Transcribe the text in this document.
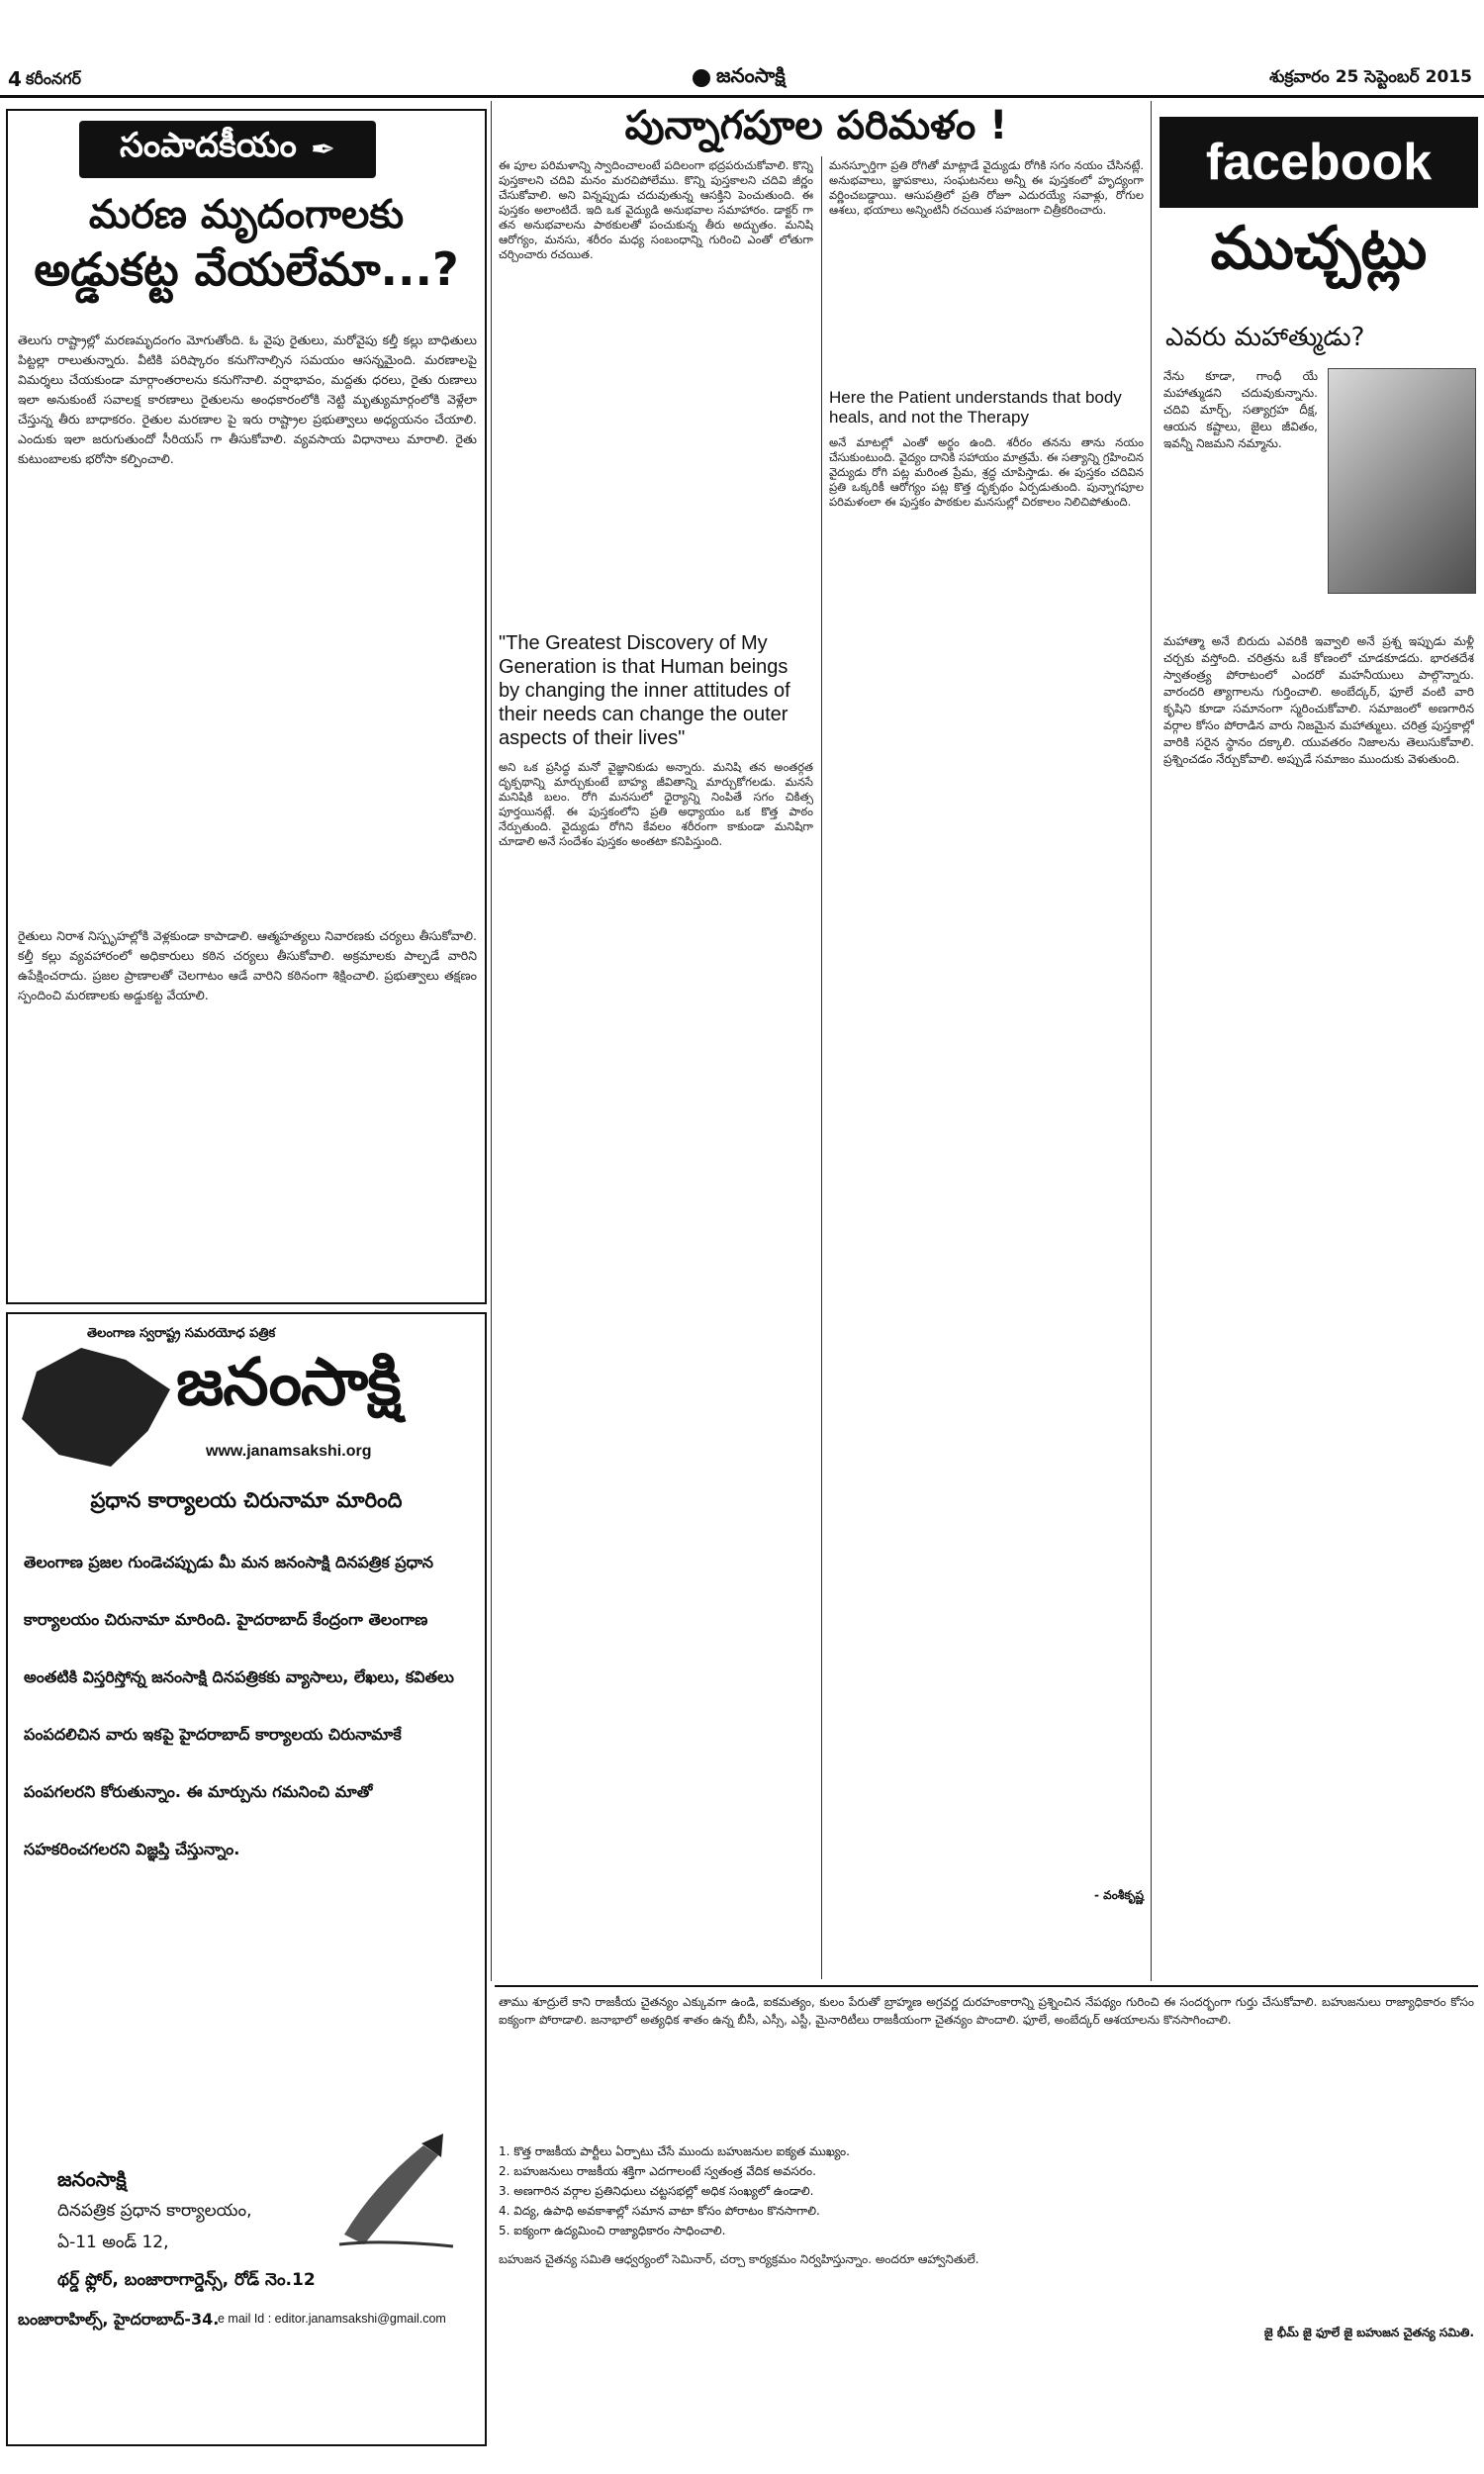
4 కరీంనగర్	జనంసాక్షి	శుక్రవారం 25 సెప్టెంబర్ 2015
సంపాదకీయం ✒
మరణ మృదంగాలకు
అడ్డుకట్ట వేయలేమా...?
తెలుగు రాష్ట్రాల్లో మరణమృదంగం మోగుతోంది. ఓ వైపు రైతులు, మరోవైపు కల్తీ కల్లు బాధితులు పిట్టల్లా రాలుతున్నారు. వీటికి పరిష్కారం కనుగొనాల్సిన సమయం ఆసన్నమైంది. మరణాలపై విమర్శలు చేయకుండా మార్గాంతరాలను కనుగొనాలి. వర్షాభావం, మద్దతు ధరలు, రైతు రుణాలు ఇలా అనుకుంటే సవాలక్ష కారణాలు రైతులను అంధకారంలోకి నెట్టి మృత్యుమార్గంలోకి వెళ్లేలా చేస్తున్న తీరు బాధాకరం. రైతుల మరణాల పై ఇరు రాష్ట్రాల ప్రభుత్వాలు అధ్యయనం చేయాలి. ఎందుకు ఇలా జరుగుతుందో సీరియస్ గా తీసుకోవాలి. వ్యవసాయ విధానాలు మారాలి. రైతు కుటుంబాలకు భరోసా కల్పించాలి.
రైతులు నిరాశ నిస్పృహల్లోకి వెళ్లకుండా కాపాడాలి. ఆత్మహత్యలు నివారణకు చర్యలు తీసుకోవాలి. కల్తీ కల్లు వ్యవహారంలో అధికారులు కఠిన చర్యలు తీసుకోవాలి. అక్రమాలకు పాల్పడే వారిని ఉపేక్షించరాదు. ప్రజల ప్రాణాలతో చెలగాటం ఆడే వారిని కఠినంగా శిక్షించాలి. ప్రభుత్వాలు తక్షణం స్పందించి మరణాలకు అడ్డుకట్ట వేయాలి.
తెలంగాణ స్వరాష్ట్ర సమరయోధ పత్రిక
జనంసాక్షి
www.janamsakshi.org
ప్రధాన కార్యాలయ చిరునామా మారింది
తెలంగాణ ప్రజల గుండెచప్పుడు మీ మన జనంసాక్షి దినపత్రిక ప్రధాన కార్యాలయం చిరునామా మారింది. హైదరాబాద్ కేంద్రంగా తెలంగాణ అంతటికి విస్తరిస్తోన్న జనంసాక్షి దినపత్రికకు వ్యాసాలు, లేఖలు, కవితలు పంపదలిచిన వారు ఇకపై హైదరాబాద్ కార్యాలయ చిరునామాకే పంపగలరని కోరుతున్నాం. ఈ మార్పును గమనించి మాతో సహకరించగలరని విజ్ఞప్తి చేస్తున్నాం.
జనంసాక్షి
దినపత్రిక ప్రధాన కార్యాలయం,
ఏ-11 అండ్ 12,
థర్డ్ ఫ్లోర్, బంజారాగార్డెన్స్, రోడ్ నెం.12
బంజారాహిల్స్, హైదరాబాద్-34.
e mail Id : editor.janamsakshi@gmail.com
పున్నాగపూల పరిమళం !
ఈ పూల పరిమళాన్ని స్వాదించాలంటే పదిలంగా భద్రపరుచుకోవాలి. కొన్ని పుస్తకాలని చదివి మనం మరచిపోలేము. కొన్ని పుస్తకాలని చదివి జీర్ణం చేసుకోవాలి. అని విన్నప్పుడు చదువుతున్న ఆసక్తిని పెంచుతుంది. ఈ పుస్తకం అలాంటిదే. ఇది ఒక వైద్యుడి అనుభవాల సమాహారం. డాక్టర్ గా తన అనుభవాలను పాఠకులతో పంచుకున్న తీరు అద్భుతం. మనిషి ఆరోగ్యం, మనసు, శరీరం మధ్య సంబంధాన్ని గురించి ఎంతో లోతుగా చర్చించారు రచయిత.
"The Greatest Discovery of My Generation is that Human beings by changing the inner attitudes of their needs can change the outer aspects of their lives"
అని ఒక ప్రసిద్ధ మనో వైజ్ఞానికుడు అన్నారు. మనిషి తన అంతర్గత దృక్పథాన్ని మార్చుకుంటే బాహ్య జీవితాన్ని మార్చుకోగలడు. మనసే మనిషికి బలం. రోగి మనసులో ధైర్యాన్ని నింపితే సగం చికిత్స పూర్తయినట్లే. ఈ పుస్తకంలోని ప్రతి అధ్యాయం ఒక కొత్త పాఠం నేర్పుతుంది. వైద్యుడు రోగిని కేవలం శరీరంగా కాకుండా మనిషిగా చూడాలి అనే సందేశం పుస్తకం అంతటా కనిపిస్తుంది.
మనస్ఫూర్తిగా ప్రతి రోగితో మాట్లాడే వైద్యుడు రోగికి సగం నయం చేసినట్లే. అనుభవాలు, జ్ఞాపకాలు, సంఘటనలు అన్నీ ఈ పుస్తకంలో హృద్యంగా వర్ణించబడ్డాయి. ఆసుపత్రిలో ప్రతి రోజూ ఎదురయ్యే సవాళ్లు, రోగుల ఆశలు, భయాలు అన్నింటినీ రచయిత సహజంగా చిత్రీకరించారు.
Here the Patient understands that body heals, and not the Therapy
అనే మాటల్లో ఎంతో అర్థం ఉంది. శరీరం తనను తాను నయం చేసుకుంటుంది. వైద్యం దానికి సహాయం మాత్రమే. ఈ సత్యాన్ని గ్రహించిన వైద్యుడు రోగి పట్ల మరింత ప్రేమ, శ్రద్ధ చూపిస్తాడు. ఈ పుస్తకం చదివిన ప్రతి ఒక్కరికీ ఆరోగ్యం పట్ల కొత్త దృక్పథం ఏర్పడుతుంది. పున్నాగపూల పరిమళంలా ఈ పుస్తకం పాఠకుల మనసుల్లో చిరకాలం నిలిచిపోతుంది.
- వంశీకృష్ణ
facebook
ముచ్చట్లు
ఎవరు మహాత్ముడు?
నేను కూడా, గాంధీ యే మహాత్ముడని చదువుకున్నాను. చదివి మార్చ్, సత్యాగ్రహ దీక్ష, ఆయన కష్టాలు, జైలు జీవితం, ఇవన్నీ నిజమని నమ్మాను.
మహాత్మా అనే బిరుదు ఎవరికి ఇవ్వాలి అనే ప్రశ్న ఇప్పుడు మళ్లీ చర్చకు వస్తోంది. చరిత్రను ఒకే కోణంలో చూడకూడదు. భారతదేశ స్వాతంత్ర్య పోరాటంలో ఎందరో మహనీయులు పాల్గొన్నారు. వారందరి త్యాగాలను గుర్తించాలి. అంబేద్కర్, ఫూలే వంటి వారి కృషిని కూడా సమానంగా స్మరించుకోవాలి. సమాజంలో అణగారిన వర్గాల కోసం పోరాడిన వారు నిజమైన మహాత్ములు. చరిత్ర పుస్తకాల్లో వారికి సరైన స్థానం దక్కాలి. యువతరం నిజాలను తెలుసుకోవాలి. ప్రశ్నించడం నేర్చుకోవాలి. అప్పుడే సమాజం ముందుకు వెళుతుంది.
తాము శూద్రులే కాని రాజకీయ చైతన్యం ఎక్కువగా ఉండి, ఐకమత్యం, కులం పేరుతో బ్రాహ్మణ అగ్రవర్ణ దురహంకారాన్ని ప్రశ్నించిన నేపథ్యం గురించి ఈ సందర్భంగా గుర్తు చేసుకోవాలి. బహుజనులు రాజ్యాధికారం కోసం ఐక్యంగా పోరాడాలి. జనాభాలో అత్యధిక శాతం ఉన్న బీసీ, ఎస్సీ, ఎస్టీ, మైనారిటీలు రాజకీయంగా చైతన్యం పొందాలి. ఫూలే, అంబేద్కర్ ఆశయాలను కొనసాగించాలి.
1. కొత్త రాజకీయ పార్టీలు ఏర్పాటు చేసే ముందు బహుజనుల ఐక్యత ముఖ్యం.
2. బహుజనులు రాజకీయ శక్తిగా ఎదగాలంటే స్వతంత్ర వేదిక అవసరం.
3. అణగారిన వర్గాల ప్రతినిధులు చట్టసభల్లో అధిక సంఖ్యలో ఉండాలి.
4. విద్య, ఉపాధి అవకాశాల్లో సమాన వాటా కోసం పోరాటం కొనసాగాలి.
5. ఐక్యంగా ఉద్యమించి రాజ్యాధికారం సాధించాలి.
బహుజన చైతన్య సమితి ఆధ్వర్యంలో సెమినార్, చర్చా కార్యక్రమం నిర్వహిస్తున్నాం. అందరూ ఆహ్వానితులే.
జై భీమ్ జై ఫూలే జై బహుజన చైతన్య సమితి.
